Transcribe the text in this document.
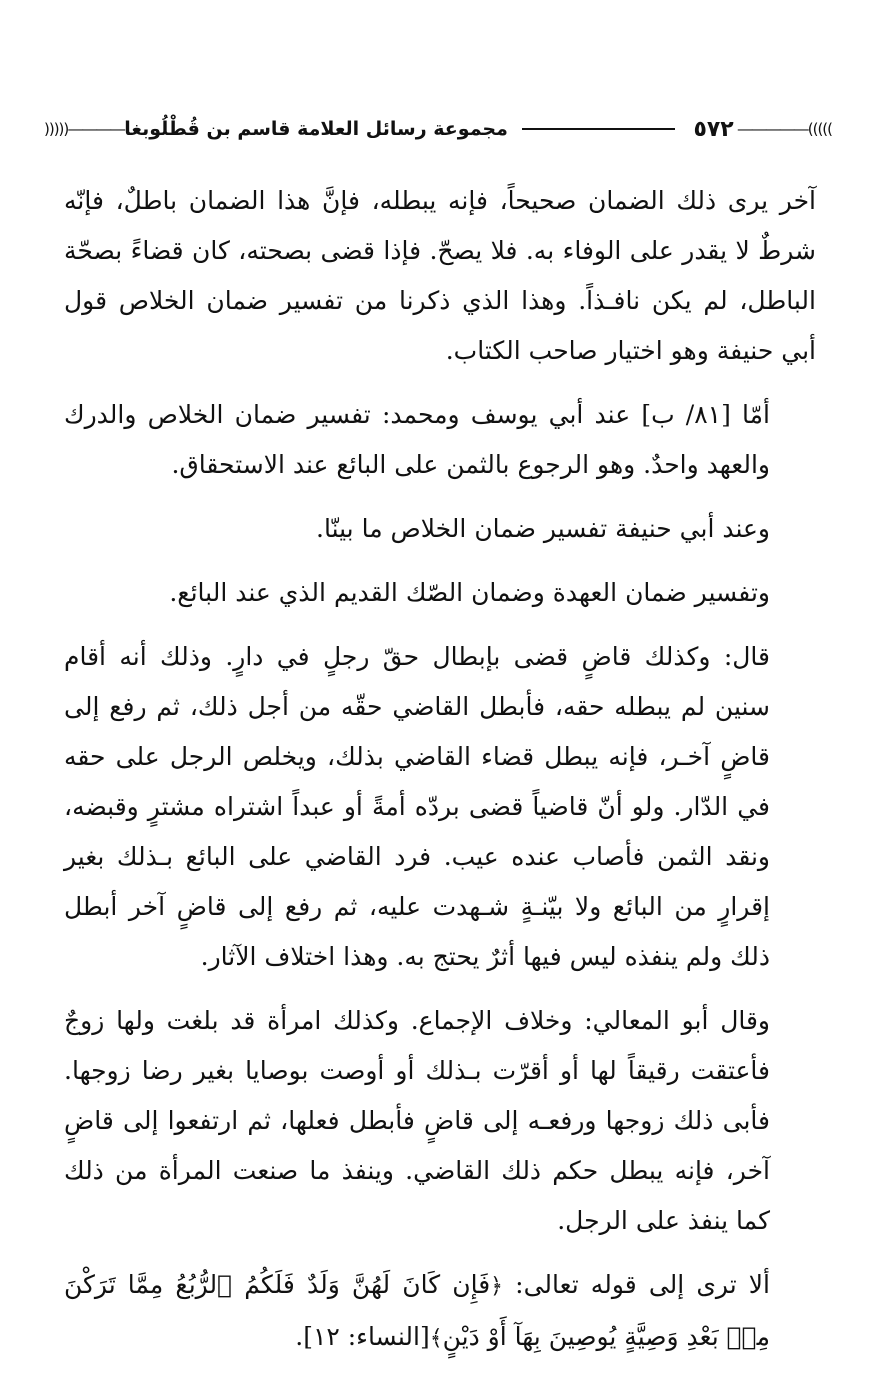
―――――(((((
٥٧٢
مجموعة رسائل العلامة قاسم بن قُطْلُوبغا
)))))――――

آخر يرى ذلك الضمان صحيحاً، فإنه يبطله، فإنَّ هذا الضمان باطلٌ، فإنّه شرطٌ لا يقدر على الوفاء به. فلا يصحّ. فإذا قضى بصحته، كان قضاءً بصحّة الباطل، لم يكن نافـذاً. وهذا الذي ذكرنا من تفسير ضمان الخلاص قول أبي حنيفة وهو اختيار صاحب الكتاب.

أمّا [٨١/ ب] عند أبي يوسف ومحمد: تفسير ضمان الخلاص والدرك والعهد واحدٌ. وهو الرجوع بالثمن على البائع عند الاستحقاق.

وعند أبي حنيفة تفسير ضمان الخلاص ما بينّا.

وتفسير ضمان العهدة وضمان الصّك القديم الذي عند البائع.

قال: وكذلك قاضٍ قضى بإبطال حقّ رجلٍ في دارٍ. وذلك أنه أقام سنين لم يبطله حقه، فأبطل القاضي حقّه من أجل ذلك، ثم رفع إلى قاضٍ آخـر، فإنه يبطل قضاء القاضي بذلك، ويخلص الرجل على حقه في الدّار. ولو أنّ قاضياً قضى بردّه أمةً أو عبداً اشتراه مشترٍ وقبضه، ونقد الثمن فأصاب عنده عيب. فرد القاضي على البائع بـذلك بغير إقرارٍ من البائع ولا بيّنـةٍ شـهدت عليه، ثم رفع إلى قاضٍ آخر أبطل ذلك ولم ينفذه ليس فيها أثرٌ يحتج به. وهذا اختلاف الآثار.

وقال أبو المعالي: وخلاف الإجماع. وكذلك امرأة قد بلغت ولها زوجٌ فأعتقت رقيقاً لها أو أقرّت بـذلك أو أوصت بوصايا بغير رضا زوجها. فأبى ذلك زوجها ورفعـه إلى قاضٍ فأبطل فعلها، ثم ارتفعوا إلى قاضٍ آخر، فإنه يبطل حكم ذلك القاضي. وينفذ ما صنعت المرأة من ذلك كما ينفذ على الرجل.

ألا ترى إلى قوله تعالى: ﴿فَإِن كَانَ لَهُنَّ وَلَدٌ فَلَكُمُ ٱلرُّبُعُ مِمَّا تَرَكْنَ مِنۢ بَعْدِ وَصِيَّةٍ يُوصِينَ بِهَآ أَوْ دَيْنٍ﴾[النساء: ١٢].
